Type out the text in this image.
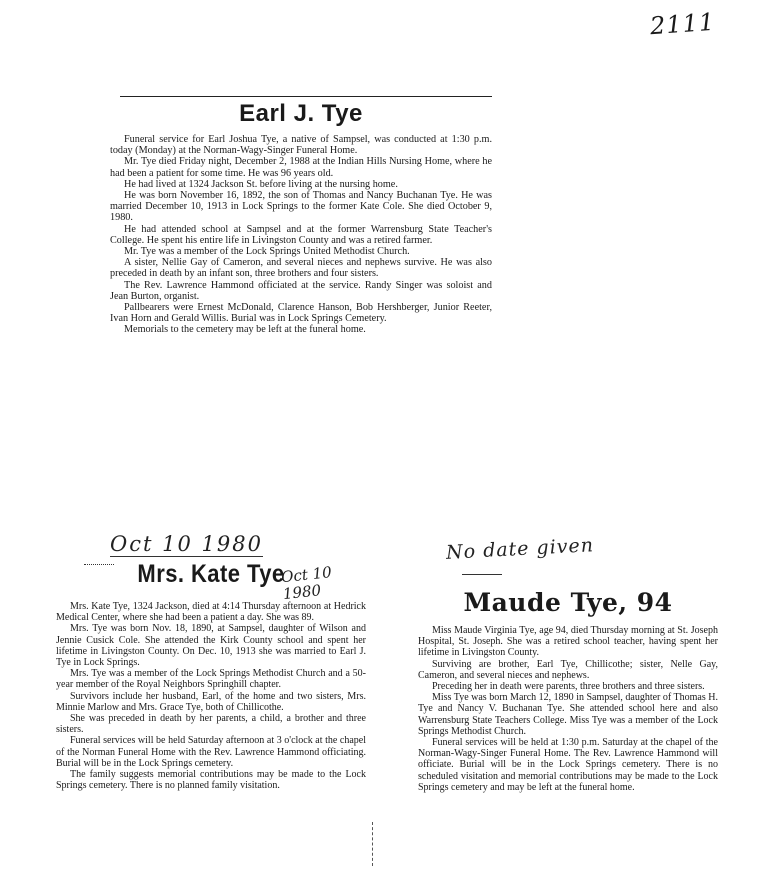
2111
Earl J. Tye

Funeral service for Earl Joshua Tye, a native of Sampsel, was conducted at 1:30 p.m. today (Monday) at the Norman-Wagy-Singer Funeral Home.

Mr. Tye died Friday night, December 2, 1988 at the Indian Hills Nursing Home, where he had been a patient for some time. He was 96 years old.

He had lived at 1324 Jackson St. before living at the nursing home.

He was born November 16, 1892, the son of Thomas and Nancy Buchanan Tye. He was married December 10, 1913 in Lock Springs to the former Kate Cole. She died October 9, 1980.

He had attended school at Sampsel and at the former Warrensburg State Teacher's College. He spent his entire life in Livingston County and was a retired farmer.

Mr. Tye was a member of the Lock Springs United Methodist Church.

A sister, Nellie Gay of Cameron, and several nieces and nephews survive. He was also preceded in death by an infant son, three brothers and four sisters.

The Rev. Lawrence Hammond officiated at the service. Randy Singer was soloist and Jean Burton, organist.

Pallbearers were Ernest McDonald, Clarence Hanson, Bob Hershberger, Junior Reeter, Ivan Horn and Gerald Willis. Burial was in Lock Springs Cemetery.

Memorials to the cemetery may be left at the funeral home.

Oct 10 1980
Mrs. Kate Tye

Mrs. Kate Tye, 1324 Jackson, died at 4:14 Thursday afternoon at Hedrick Medical Center, where she had been a patient a day. She was 89.

Mrs. Tye was born Nov. 18, 1890, at Sampsel, daughter of Wilson and Jennie Cusick Cole. She attended the Kirk County school and spent her lifetime in Livingston County. On Dec. 10, 1913 she was married to Earl J. Tye in Lock Springs.

Mrs. Tye was a member of the Lock Springs Methodist Church and a 50-year member of the Royal Neighbors Springhill chapter.

Survivors include her husband, Earl, of the home and two sisters, Mrs. Minnie Marlow and Mrs. Grace Tye, both of Chillicothe.

She was preceded in death by her parents, a child, a brother and three sisters.

Funeral services will be held Saturday afternoon at 3 o'clock at the chapel of the Norman Funeral Home with the Rev. Lawrence Hammond officiating. Burial will be in the Lock Springs cemetery.

The family suggests memorial contributions may be made to the Lock Springs cemetery. There is no planned family visitation.

Oct 10 1980
No date given
Maude Tye, 94

Miss Maude Virginia Tye, age 94, died Thursday morning at St. Joseph Hospital, St. Joseph. She was a retired school teacher, having spent her lifetime in Livingston County.

Surviving are brother, Earl Tye, Chillicothe; sister, Nelle Gay, Cameron, and several nieces and nephews.

Preceding her in death were parents, three brothers and three sisters.

Miss Tye was born March 12, 1890 in Sampsel, daughter of Thomas H. Tye and Nancy V. Buchanan Tye. She attended school here and also Warrensburg State Teachers College. Miss Tye was a member of the Lock Springs Methodist Church.

Funeral services will be held at 1:30 p.m. Saturday at the chapel of the Norman-Wagy-Singer Funeral Home. The Rev. Lawrence Hammond will officiate. Burial will be in the Lock Springs cemetery. There is no scheduled visitation and memorial contributions may be made to the Lock Springs cemetery and may be left at the funeral home.
